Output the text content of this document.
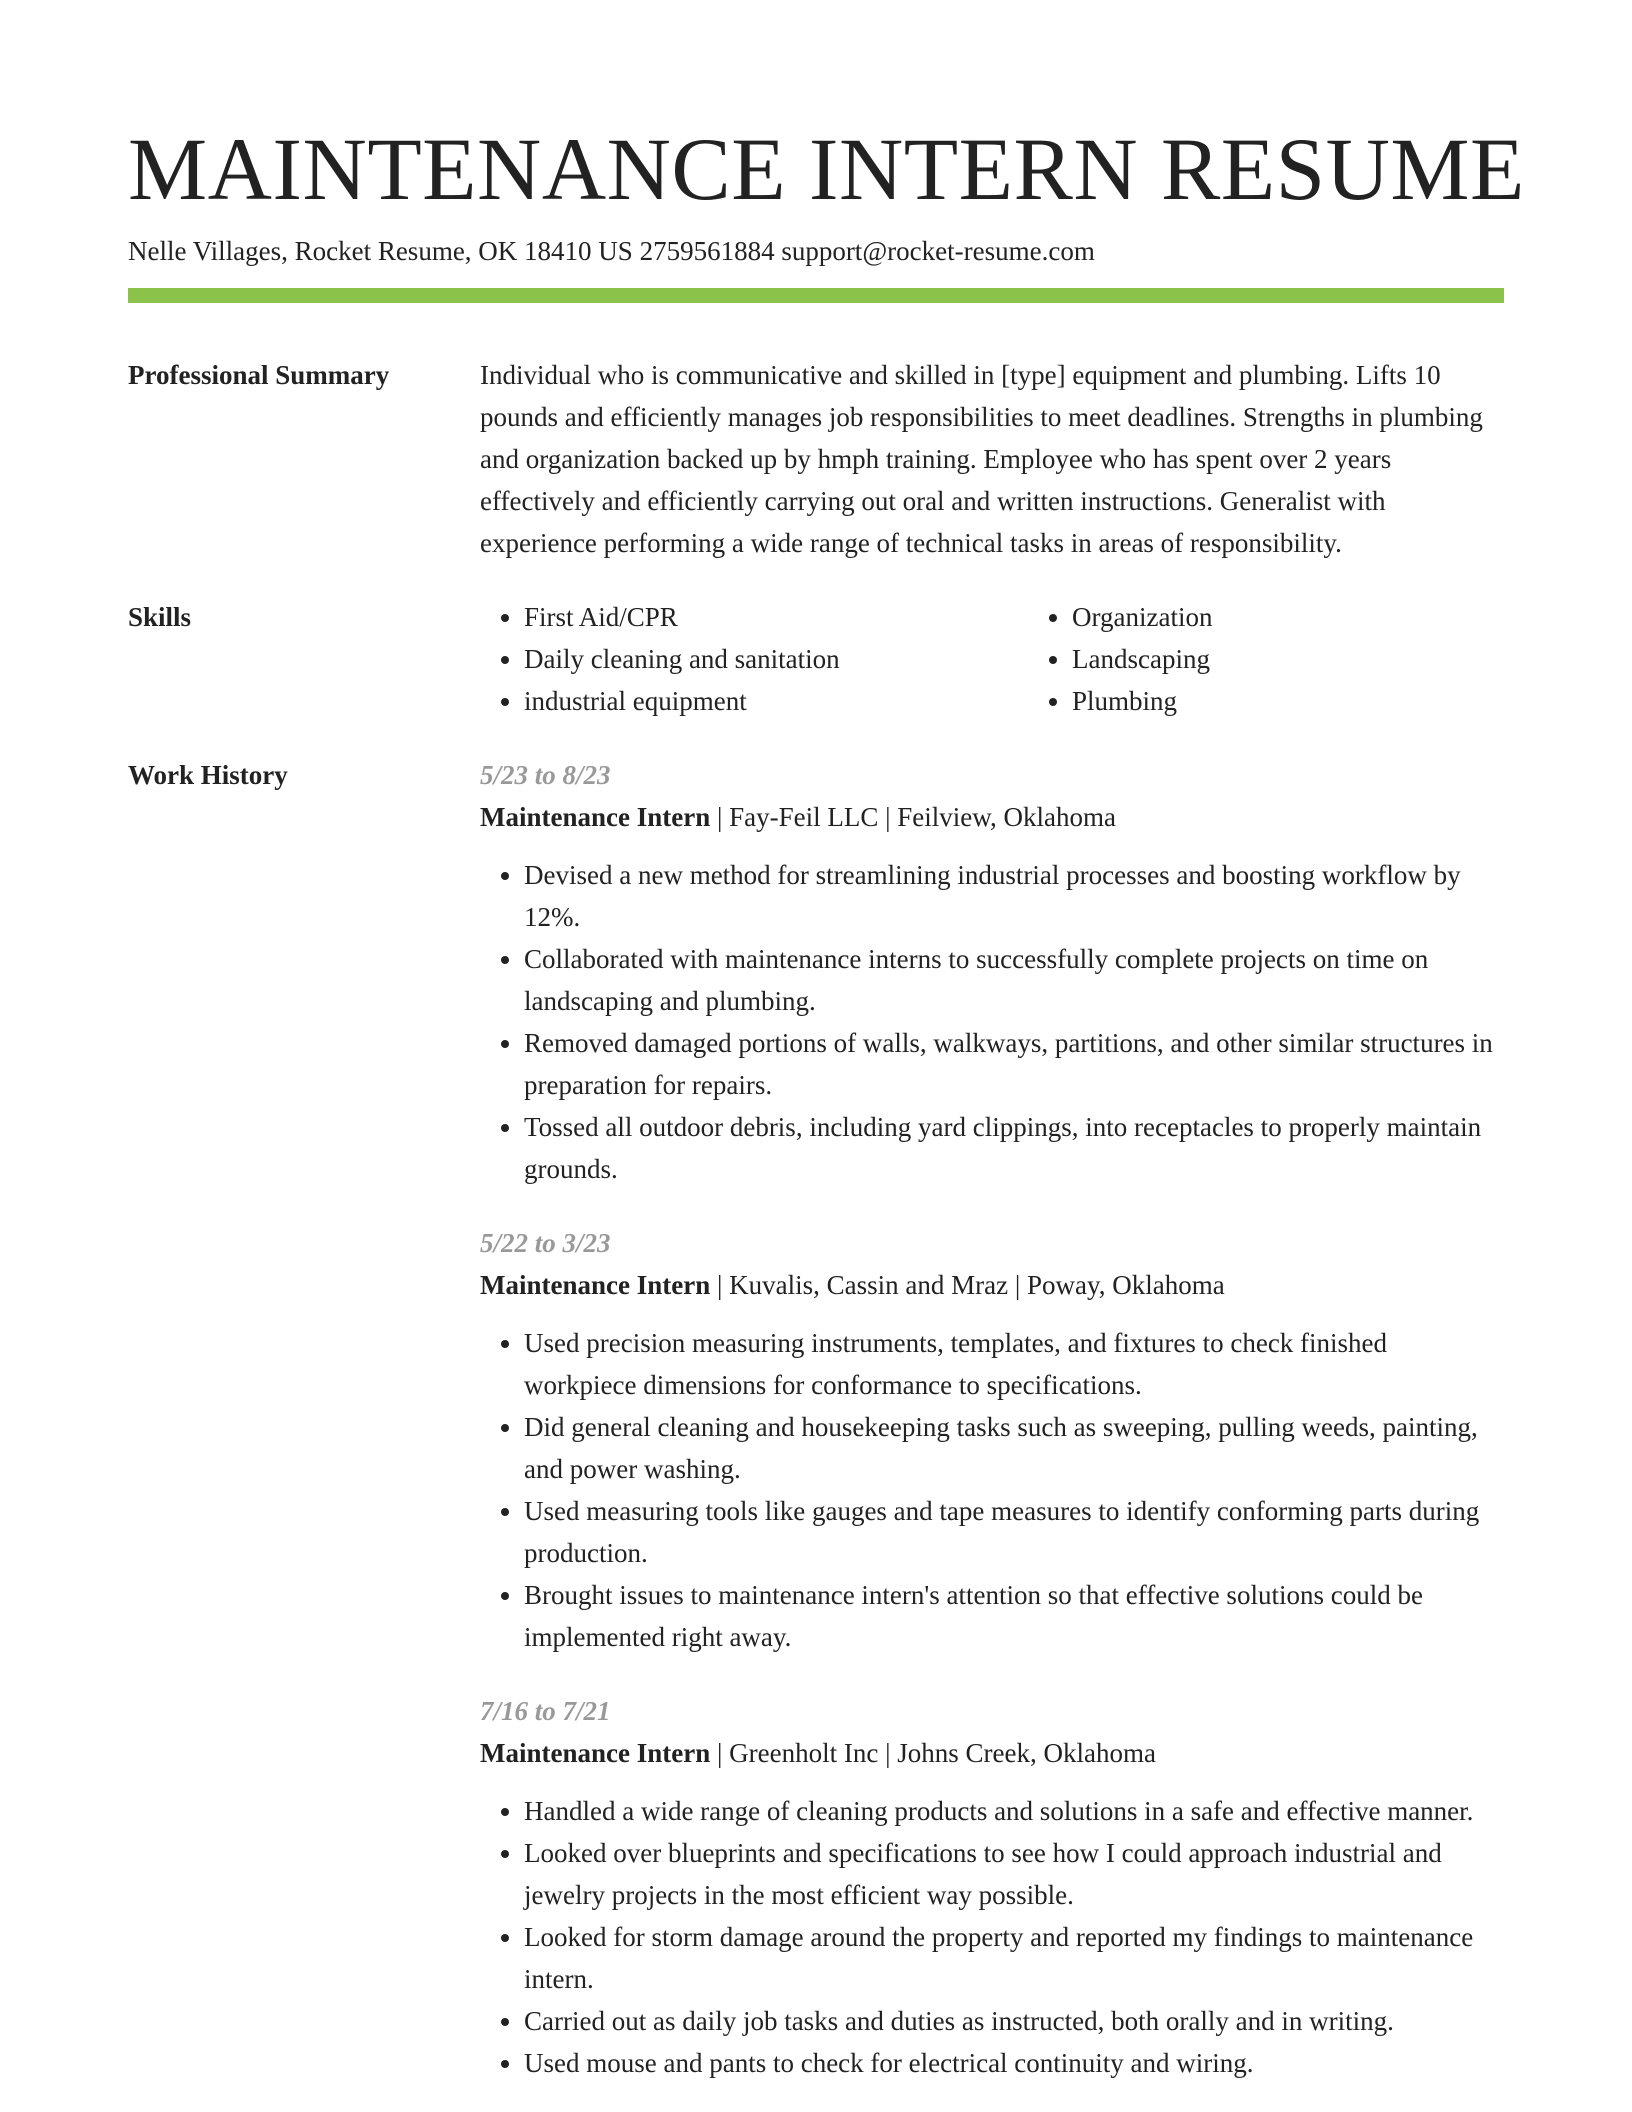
MAINTENANCE INTERN RESUME
Nelle Villages, Rocket Resume, OK 18410 US 2759561884 support@rocket-resume.com
Professional Summary	Individual who is communicative and skilled in [type] equipment and plumbing. Lifts 10 pounds and efficiently manages job responsibilities to meet deadlines. Strengths in plumbing and organization backed up by hmph training. Employee who has spent over 2 years effectively and efficiently carrying out oral and written instructions. Generalist with experience performing a wide range of technical tasks in areas of responsibility.
Skills
•	First Aid/CPR
• Daily cleaning and sanitation
• industrial equipment
• Organization
• Landscaping
• Plumbing
Work History	5/23 to 8/23
Maintenance Intern | Fay-Feil LLC | Feilview, Oklahoma
• Devised a new method for streamlining industrial processes and boosting workflow by 12%.
• Collaborated with maintenance interns to successfully complete projects on time on landscaping and plumbing.
• Removed damaged portions of walls, walkways, partitions, and other similar structures in preparation for repairs.
• Tossed all outdoor debris, including yard clippings, into receptacles to properly maintain grounds.
5/22 to 3/23
Maintenance Intern | Kuvalis, Cassin and Mraz | Poway, Oklahoma
• Used precision measuring instruments, templates, and fixtures to check finished workpiece dimensions for conformance to specifications.
• Did general cleaning and housekeeping tasks such as sweeping, pulling weeds, painting, and power washing.
• Used measuring tools like gauges and tape measures to identify conforming parts during production.
• Brought issues to maintenance intern's attention so that effective solutions could be implemented right away.
7/16 to 7/21
Maintenance Intern | Greenholt Inc | Johns Creek, Oklahoma
• Handled a wide range of cleaning products and solutions in a safe and effective manner.
• Looked over blueprints and specifications to see how I could approach industrial and jewelry projects in the most efficient way possible.
• Looked for storm damage around the property and reported my findings to maintenance intern.
• Carried out as daily job tasks and duties as instructed, both orally and in writing.
• Used mouse and pants to check for electrical continuity and wiring.
